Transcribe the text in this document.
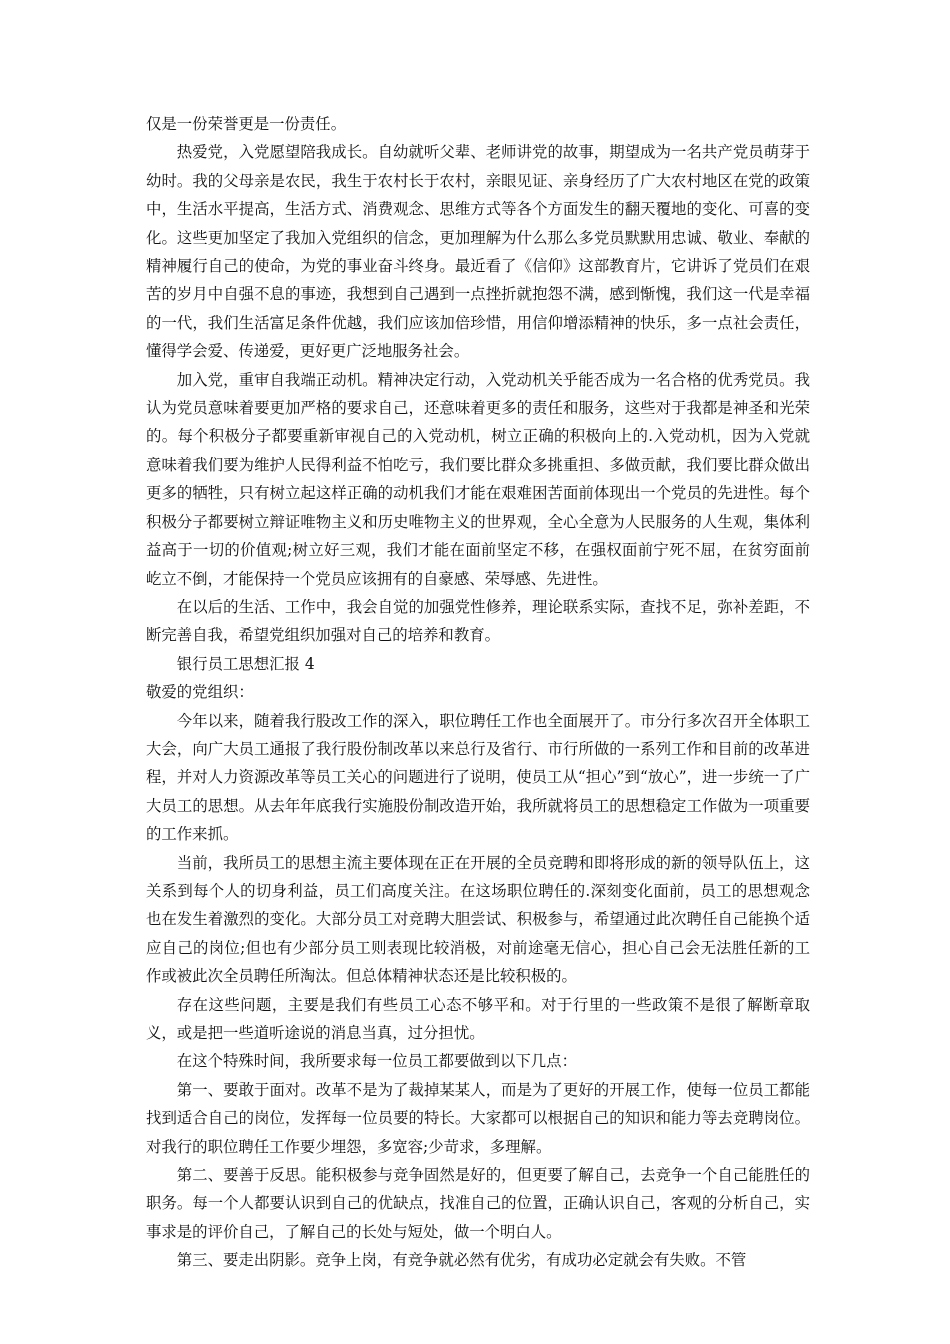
仅是一份荣誉更是一份责任。

热爱党，入党愿望陪我成长。自幼就听父辈、老师讲党的故事，期望成为一名共产党员萌芽于幼时。我的父母亲是农民，我生于农村长于农村，亲眼见证、亲身经历了广大农村地区在党的政策中，生活水平提高，生活方式、消费观念、思维方式等各个方面发生的翻天覆地的变化、可喜的变化。这些更加坚定了我加入党组织的信念，更加理解为什么那么多党员默默用忠诚、敬业、奉献的精神履行自己的使命，为党的事业奋斗终身。最近看了《信仰》这部教育片，它讲诉了党员们在艰苦的岁月中自强不息的事迹，我想到自己遇到一点挫折就抱怨不满，感到惭愧，我们这一代是幸福的一代，我们生活富足条件优越，我们应该加倍珍惜，用信仰增添精神的快乐，多一点社会责任，懂得学会爱、传递爱，更好更广泛地服务社会。

加入党，重审自我端正动机。精神决定行动，入党动机关乎能否成为一名合格的优秀党员。我认为党员意味着要更加严格的要求自己，还意味着更多的责任和服务，这些对于我都是神圣和光荣的。每个积极分子都要重新审视自己的入党动机，树立正确的积极向上的.入党动机，因为入党就意味着我们要为维护人民得利益不怕吃亏，我们要比群众多挑重担、多做贡献，我们要比群众做出更多的牺牲，只有树立起这样正确的动机我们才能在艰难困苦面前体现出一个党员的先进性。每个积极分子都要树立辩证唯物主义和历史唯物主义的世界观，全心全意为人民服务的人生观，集体利益高于一切的价值观;树立好三观，我们才能在面前坚定不移，在强权面前宁死不屈，在贫穷面前屹立不倒，才能保持一个党员应该拥有的自豪感、荣辱感、先进性。

在以后的生活、工作中，我会自觉的加强党性修养，理论联系实际，查找不足，弥补差距，不断完善自我，希望党组织加强对自己的培养和教育。

银行员工思想汇报 4

敬爱的党组织：

今年以来，随着我行股改工作的深入，职位聘任工作也全面展开了。市分行多次召开全体职工大会，向广大员工通报了我行股份制改革以来总行及省行、市行所做的一系列工作和目前的改革进程，并对人力资源改革等员工关心的问题进行了说明，使员工从“担心”到“放心”，进一步统一了广大员工的思想。从去年年底我行实施股份制改造开始，我所就将员工的思想稳定工作做为一项重要的工作来抓。

当前，我所员工的思想主流主要体现在正在开展的全员竞聘和即将形成的新的领导队伍上，这关系到每个人的切身利益，员工们高度关注。在这场职位聘任的.深刻变化面前，员工的思想观念也在发生着激烈的变化。大部分员工对竞聘大胆尝试、积极参与，希望通过此次聘任自己能换个适应自己的岗位;但也有少部分员工则表现比较消极，对前途毫无信心，担心自己会无法胜任新的工作或被此次全员聘任所淘汰。但总体精神状态还是比较积极的。

存在这些问题，主要是我们有些员工心态不够平和。对于行里的一些政策不是很了解断章取义，或是把一些道听途说的消息当真，过分担忧。

在这个特殊时间，我所要求每一位员工都要做到以下几点：

第一、要敢于面对。改革不是为了裁掉某某人，而是为了更好的开展工作，使每一位员工都能找到适合自己的岗位，发挥每一位员要的特长。大家都可以根据自己的知识和能力等去竞聘岗位。对我行的职位聘任工作要少埋怨，多宽容;少苛求，多理解。

第二、要善于反思。能积极参与竞争固然是好的，但更要了解自己，去竞争一个自己能胜任的职务。每一个人都要认识到自己的优缺点，找准自己的位置，正确认识自己，客观的分析自己，实事求是的评价自己，了解自己的长处与短处，做一个明白人。

第三、要走出阴影。竞争上岗，有竞争就必然有优劣，有成功必定就会有失败。不管
